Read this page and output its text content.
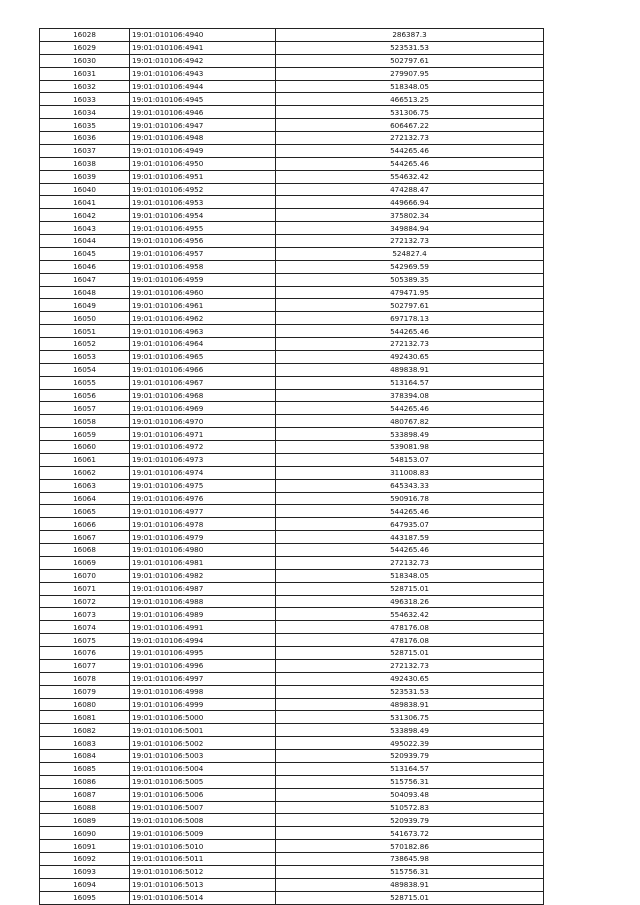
16028	19:01:010106:4940	286387.3
16029	19:01:010106:4941	523531.53
16030	19:01:010106:4942	502797.61
16031	19:01:010106:4943	279907.95
16032	19:01:010106:4944	518348.05
16033	19:01:010106:4945	466513.25
16034	19:01:010106:4946	531306.75
16035	19:01:010106:4947	606467.22
16036	19:01:010106:4948	272132.73
16037	19:01:010106:4949	544265.46
16038	19:01:010106:4950	544265.46
16039	19:01:010106:4951	554632.42
16040	19:01:010106:4952	474288.47
16041	19:01:010106:4953	449666.94
16042	19:01:010106:4954	375802.34
16043	19:01:010106:4955	349884.94
16044	19:01:010106:4956	272132.73
16045	19:01:010106:4957	524827.4
16046	19:01:010106:4958	542969.59
16047	19:01:010106:4959	505389.35
16048	19:01:010106:4960	479471.95
16049	19:01:010106:4961	502797.61
16050	19:01:010106:4962	697178.13
16051	19:01:010106:4963	544265.46
16052	19:01:010106:4964	272132.73
16053	19:01:010106:4965	492430.65
16054	19:01:010106:4966	489838.91
16055	19:01:010106:4967	513164.57
16056	19:01:010106:4968	378394.08
16057	19:01:010106:4969	544265.46
16058	19:01:010106:4970	480767.82
16059	19:01:010106:4971	533898.49
16060	19:01:010106:4972	539081.98
16061	19:01:010106:4973	548153.07
16062	19:01:010106:4974	311008.83
16063	19:01:010106:4975	645343.33
16064	19:01:010106:4976	590916.78
16065	19:01:010106:4977	544265.46
16066	19:01:010106:4978	647935.07
16067	19:01:010106:4979	443187.59
16068	19:01:010106:4980	544265.46
16069	19:01:010106:4981	272132.73
16070	19:01:010106:4982	518348.05
16071	19:01:010106:4987	528715.01
16072	19:01:010106:4988	496318.26
16073	19:01:010106:4989	554632.42
16074	19:01:010106:4991	478176.08
16075	19:01:010106:4994	478176.08
16076	19:01:010106:4995	528715.01
16077	19:01:010106:4996	272132.73
16078	19:01:010106:4997	492430.65
16079	19:01:010106:4998	523531.53
16080	19:01:010106:4999	489838.91
16081	19:01:010106:5000	531306.75
16082	19:01:010106:5001	533898.49
16083	19:01:010106:5002	495022.39
16084	19:01:010106:5003	520939.79
16085	19:01:010106:5004	513164.57
16086	19:01:010106:5005	515756.31
16087	19:01:010106:5006	504093.48
16088	19:01:010106:5007	510572.83
16089	19:01:010106:5008	520939.79
16090	19:01:010106:5009	541673.72
16091	19:01:010106:5010	570182.86
16092	19:01:010106:5011	738645.98
16093	19:01:010106:5012	515756.31
16094	19:01:010106:5013	489838.91
16095	19:01:010106:5014	528715.01
